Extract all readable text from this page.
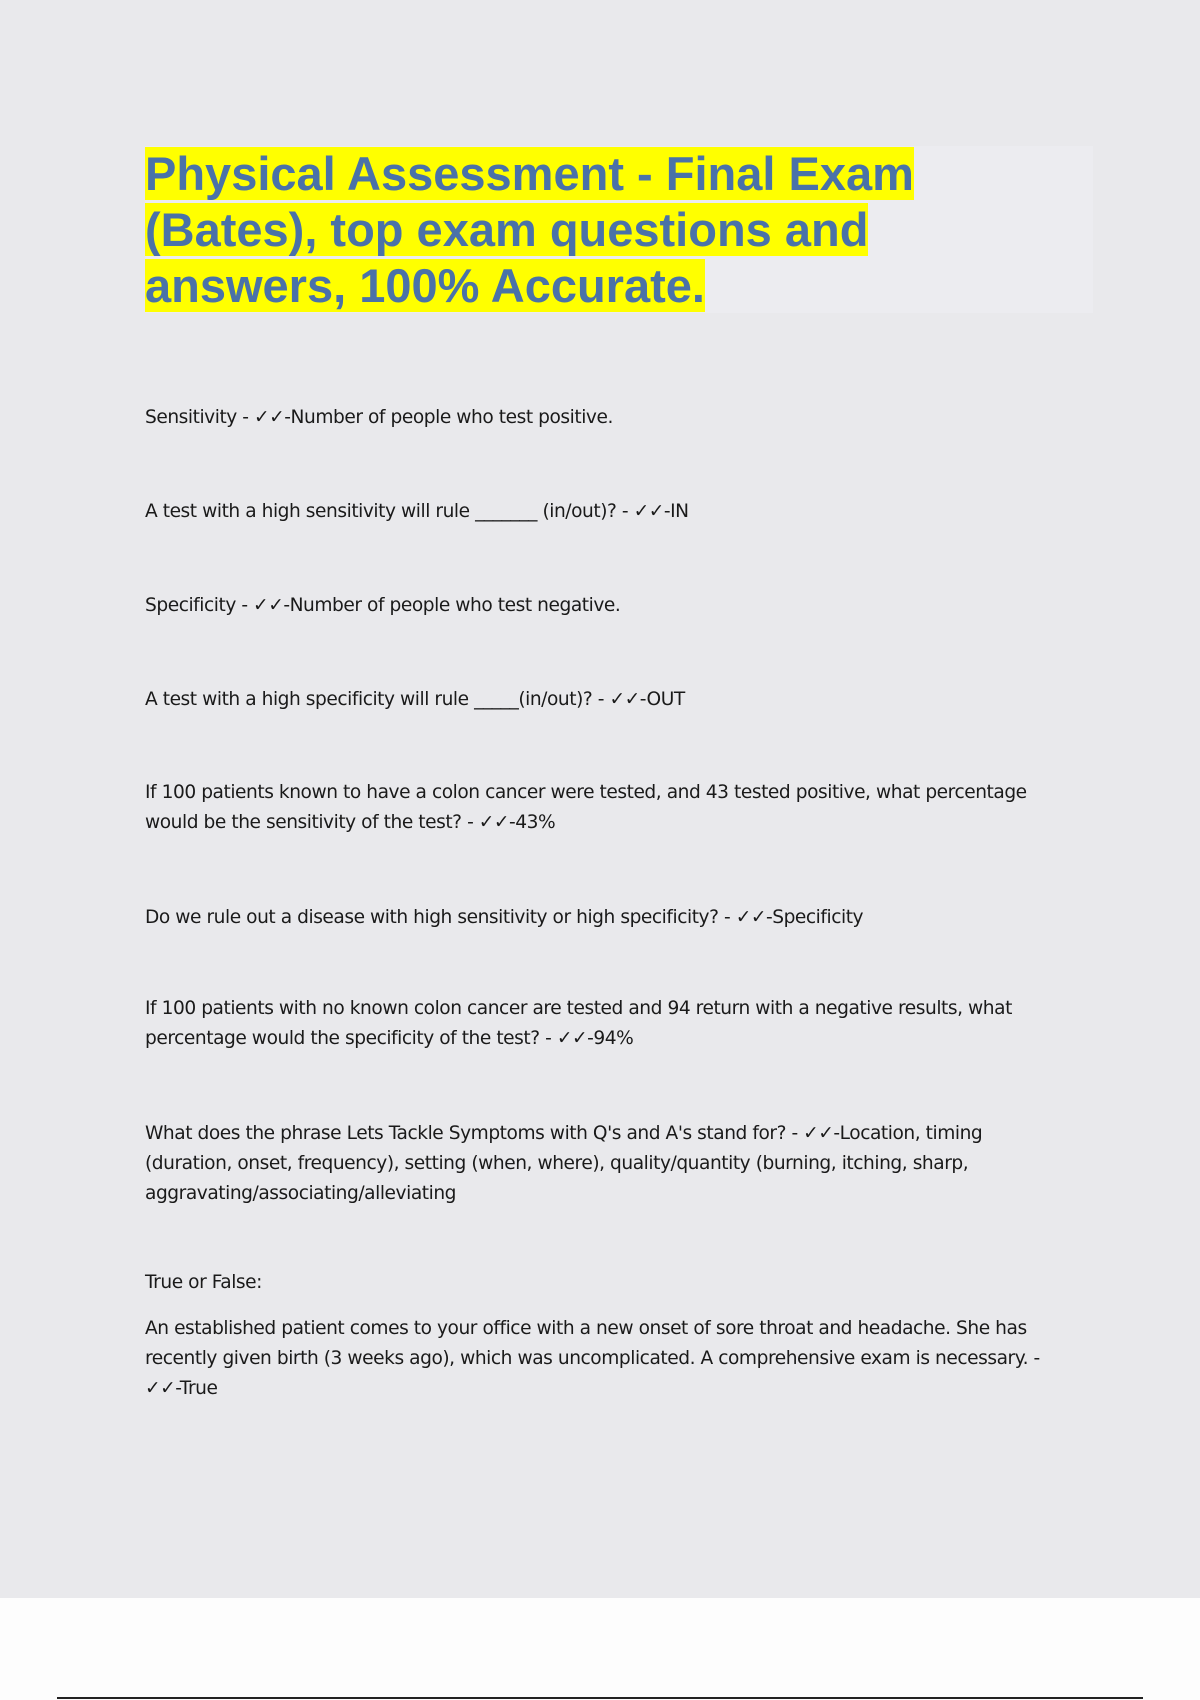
Physical Assessment - Final Exam (Bates), top exam questions and answers, 100% Accurate.

Sensitivity - ✓✓-Number of people who test positive.

A test with a high sensitivity will rule _______ (in/out)? - ✓✓-IN

Specificity - ✓✓-Number of people who test negative.

A test with a high specificity will rule _____(in/out)? - ✓✓-OUT

If 100 patients known to have a colon cancer were tested, and 43 tested positive, what percentage would be the sensitivity of the test? - ✓✓-43%

Do we rule out a disease with high sensitivity or high specificity? - ✓✓-Specificity

If 100 patients with no known colon cancer are tested and 94 return with a negative results, what percentage would the specificity of the test? - ✓✓-94%

What does the phrase Lets Tackle Symptoms with Q's and A's stand for? - ✓✓-Location, timing (duration, onset, frequency), setting (when, where), quality/quantity (burning, itching, sharp, aggravating/associating/alleviating

True or False:

An established patient comes to your office with a new onset of sore throat and headache. She has recently given birth (3 weeks ago), which was uncomplicated. A comprehensive exam is necessary. - ✓✓-True
